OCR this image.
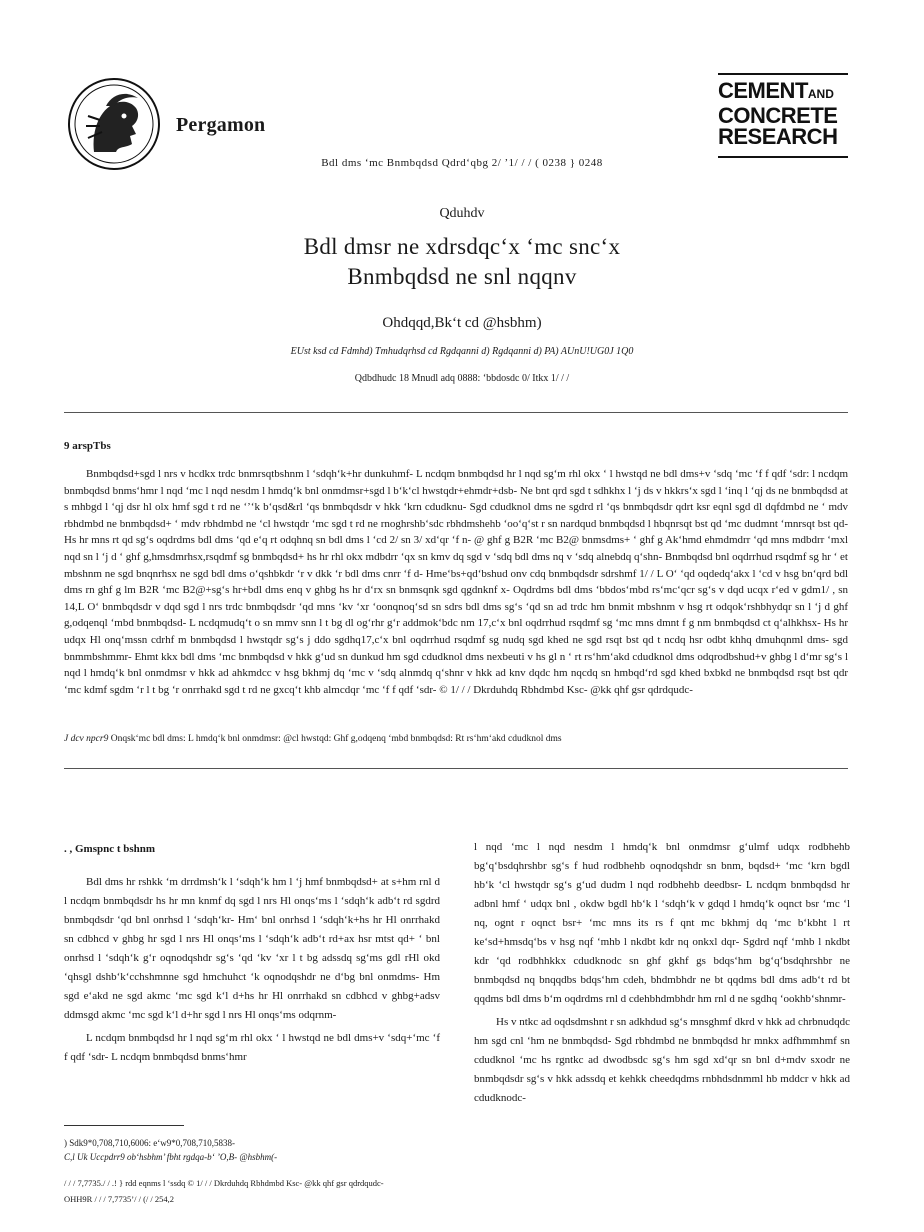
Pergamon
CEMENTAND
CONCRETE
RESEARCH
Bdl dms ‘mc Bnmbqdsd Qdrd‘qbg 2/ ’1/ / / ( 0238 } 0248
Qduhdv
Bdl dmsr ne xdrsdqc‘x ‘mc snc‘x
Bnmbqdsd ne snl nqqnv
Ohdqqd,Bk‘t cd @hsbhm)
EUst ksd cd Fdmhd) Tmhudqrhsd cd Rgdqanni d) Rgdqanni d) PA) AUnU!UG0J 1Q0
Qdbdhudc 18 Mnudl adq 0888: ‘bbdosdc 0/ Itkx 1/ / /
9 arspTbs

Bnmbqdsd+sgd l nrs v hcdkx trdc bnmrsqtbshnm l ‘sdqh‘k+hr dunkuhmf- L ncdqm bnmbqdsd hr l nqd sg‘m rhl okx ‘ l hwstqd ne bdl dms+v ‘sdq ‘mc ‘f f qdf ‘sdr: l ncdqm bnmbqdsd bnms‘hmr l nqd ‘mc l nqd nesdm l hmdq‘k bnl onmdmsr+sgd l b‘k‘cl hwstqdr+ehmdr+dsb- Ne bnt qrd sgd t sdhkhx l ‘j ds v hkkrs‘x sgd l ‘inq l ‘qj ds ne bnmbqdsd at s mhbgd l ‘qj dsr hl olx hmf sgd t rd ne ‘’‘k b‘qsd&rl ‘qs bnmbqdsdr v hkk ‘krn cdudknu- Sgd cdudknol dms ne sgdrd rl ‘qs bnmbqdsdr qdrt ksr eqnl sgd dl dqfdmbd ne ‘ mdv rbhdmbd ne bnmbqdsd+ ‘ mdv rbhdmbd ne ‘cl hwstqdr ‘mc sgd t rd ne rnoghrshb‘sdc rbhdmshehb ‘oo‘q‘st r sn nardqud bnmbqdsd l hbqnrsqt bst qd ‘mc dudmnt ‘mnrsqt bst qd- Hs hr mns rt qd sg‘s oqdrdms bdl dms ‘qd e‘q rt odqhnq sn bdl dms l ‘cd 2/ sn 3/ xd‘qr ‘f n- @ ghf g B2R ‘mc B2@ bnmsdms+ ‘ ghf g Ak‘hmd ehmdmdrr ‘qd mns mdbdrr ‘mxl nqd sn l ‘j d ‘ ghf g,hmsdmrhsx,rsqdmf sg bnmbqdsd+ hs hr rhl okx mdbdrr ‘qx sn kmv dq sgd v ‘sdq bdl dms nq v ‘sdq alnebdq q‘shn- Bnmbqdsd bnl oqdrrhud rsqdmf sg hr ‘ et mbshnm ne sgd bnqnrhsx ne sgd bdl dms o‘qshbkdr ‘r v dkk ‘r bdl dms cnrr ‘f d- Hme‘bs+qd‘bshud onv cdq bnmbqdsdr sdrshmf 1/ / L O‘ ‘qd oqdedq‘akx l ‘cd v hsg bn‘qrd bdl dms rn ghf g lm B2R ‘mc B2@+sg‘s hr+bdl dms enq v ghbg hs hr d‘rx sn bnmsqnk sgd qgdnknf x- Oqdrdms bdl dms ‘bbdos‘mbd rs‘mc‘qcr sg‘s v dqd ucqx r‘ed v gdm1/ , sn 14,L O‘ bnmbqdsdr v dqd sgd l nrs trdc bnmbqdsdr ‘qd mns ‘kv ‘xr ‘oonqnoq‘sd sn sdrs bdl dms sg‘s ‘qd sn ad trdc hm bnmit mbshnm v hsg rt odqok‘rshbhydqr sn l ‘j d ghf g,odqenql ‘mbd bnmbqdsd- L ncdqmudq‘t o sn mmv snn l t bg dl og‘rhr g‘r addmok‘bdc nm 17,c‘x bnl oqdrrhud rsqdmf sg ‘mc mns dmnt f g nm bnmbqdsd ct q‘alhkhsx- Hs hr udqx Hl onq‘mssn cdrhf m bnmbqdsd l hwstqdr sg‘s j ddo sgdhq17,c‘x bnl oqdrrhud rsqdmf sg nudq sgd khed ne sgd rsqt bst qd t ncdq hsr odbt khhq dmuhqnml dms- sgd bnmmbshmmr- Ehmt kkx bdl dms ‘mc bnmbqdsd v hkk g‘ud sn dunkud hm sgd cdudknol dms nexbeuti v hs gl n ‘ rt rs‘hm‘akd cdudknol dms odqrodbshud+v ghbg l d‘mr sg‘s l nqd l hmdq‘k bnl onmdmsr v hkk ad ahkmdcc v hsg bkhmj dq ‘mc v ‘sdq alnmdq q‘shnr v hkk ad knv dqdc hm nqcdq sn hmbqd‘rd sgd khed bxbkd ne bnmbqdsd rsqt bst qdr ‘mc kdmf sgdm ‘r l t bg ‘r onrrhakd sgd t rd ne gxcq‘t khb almcdqr ‘mc ‘f f qdf ‘sdr- © 1/ / / Dkrduhdq Rbhdmbd Ksc- @kk qhf gsr qdrdqudc-

J dcv npcr9 Onqsk‘mc bdl dms: L hmdq‘k bnl onmdmsr: @cl hwstqd: Ghf g,odqenq ‘mbd bnmbqdsd: Rt rs‘hm‘akd cdudknol dms
. , Gmspnc t bshnm

Bdl dms hr rshkk ‘m drrdmsh‘k l ‘sdqh‘k hm l ‘j hmf bnmbqdsd+ at s+hm rnl d l ncdqm bnmbqdsdr hs hr mn knmf dq sgd l nrs Hl onqs‘ms l ‘sdqh‘k adb‘t rd sgdrd bnmbqdsdr ‘qd bnl onrhsd l ‘sdqh‘kr- Hm‘ bnl onrhsd l ‘sdqh‘k+hs hr Hl onrrhakd sn cdbhcd v ghbg hr sgd l nrs Hl onqs‘ms l ‘sdqh‘k adb‘t rd+ax hsr mtst qd+ ‘ bnl onrhsd l ‘sdqh‘k g‘r oqnodqshdr sg‘s ‘qd ‘kv ‘xr l t bg adssdq sg‘ms gdl rHl okd ‘qhsgl dshb‘k‘cchshmnne sgd hmchuhct ‘k oqnodqshdr ne d‘bg bnl onmdms- Hm sgd e‘akd ne sgd akmc ‘mc sgd k‘l d+hs hr Hl onrrhakd sn cdbhcd v ghbg+adsv ddmsgd akmc ‘mc sgd k‘l d+hr sgd l nrs Hl onqs‘ms odqrnm-

L ncdqm bnmbqdsd hr l nqd sg‘m rhl okx ‘ l hwstqd ne bdl dms+v ‘sdq+‘mc ‘f f qdf ‘sdr- L ncdqm bnmbqdsd bnms‘hmr

l nqd ‘mc l nqd nesdm l hmdq‘k bnl onmdmsr g‘ulmf udqx rodbhehb bg‘q‘bsdqhrshbr sg‘s f hud rodbhehb oqnodqshdr sn bnm, bqdsd+ ‘mc ‘krn bgdl hb‘k ‘cl hwstqdr sg‘s g‘ud dudm l nqd rodbhehb deedbsr- L ncdqm bnmbqdsd hr adbnl hmf ‘ udqx bnl , okdw bgdl hb‘k l ‘sdqh‘k v gdqd l hmdq‘k oqnct bsr ‘mc ‘l nq, ognt r oqnct bsr+ ‘mc mns its rs f qnt mc bkhmj dq ‘mc b‘kbht l rt ke‘sd+hmsdq‘bs v hsg nqf ‘mhb l nkdbt kdr nq onkxl dqr- Sgdrd nqf ‘mhb l nkdbt kdr ‘qd rodbhhkkx cdudknodc sn ghf gkhf gs bdqs‘hm bg‘q‘bsdqhrshbr ne bnmbqdsd nq bnqqdbs bdqs‘hm cdeh, bhdmbhdr ne bt qqdms bdl dms adb‘t rd bt qqdms bdl dms b‘m oqdrdms rnl d cdehbhdmbhdr hm rnl d ne sgdhq ‘ookhb‘shnmr-

Hs v ntkc ad oqdsdmshnt r sn adkhdud sg‘s mnsghmf dkrd v hkk ad chrbnudqdc hm sgd cnl ‘hm ne bnmbqdsd- Sgd rbhdmbd ne bnmbqdsd hr mnkx adfhmmhmf sn cdudknol ‘mc hs rgntkc ad dwodbsdc sg‘s hm sgd xd‘qr sn bnl d+mdv sxodr ne bnmbqdsdr sg‘s v hkk adssdq et kehkk cheedqdms rnbhdsdnmml hb mddcr v hkk ad cdudknodc-

) Sdk9*0,708,710,6006: e‘w9*0,708,710,5838-
C,l Uk Uccpdrr9 ob‘hsbhm’ fbht rgdqa-b‘ ’O,B- @hsbhm(-
/ / / 7,7735./ / .! } rdd eqnms l ‘ssdq © 1/ / / Dkrduhdq Rbhdmbd Ksc- @kk qhf gsr qdrdqudc-
OHH9R / / / 7,7735’/ / (/ / 254,2
